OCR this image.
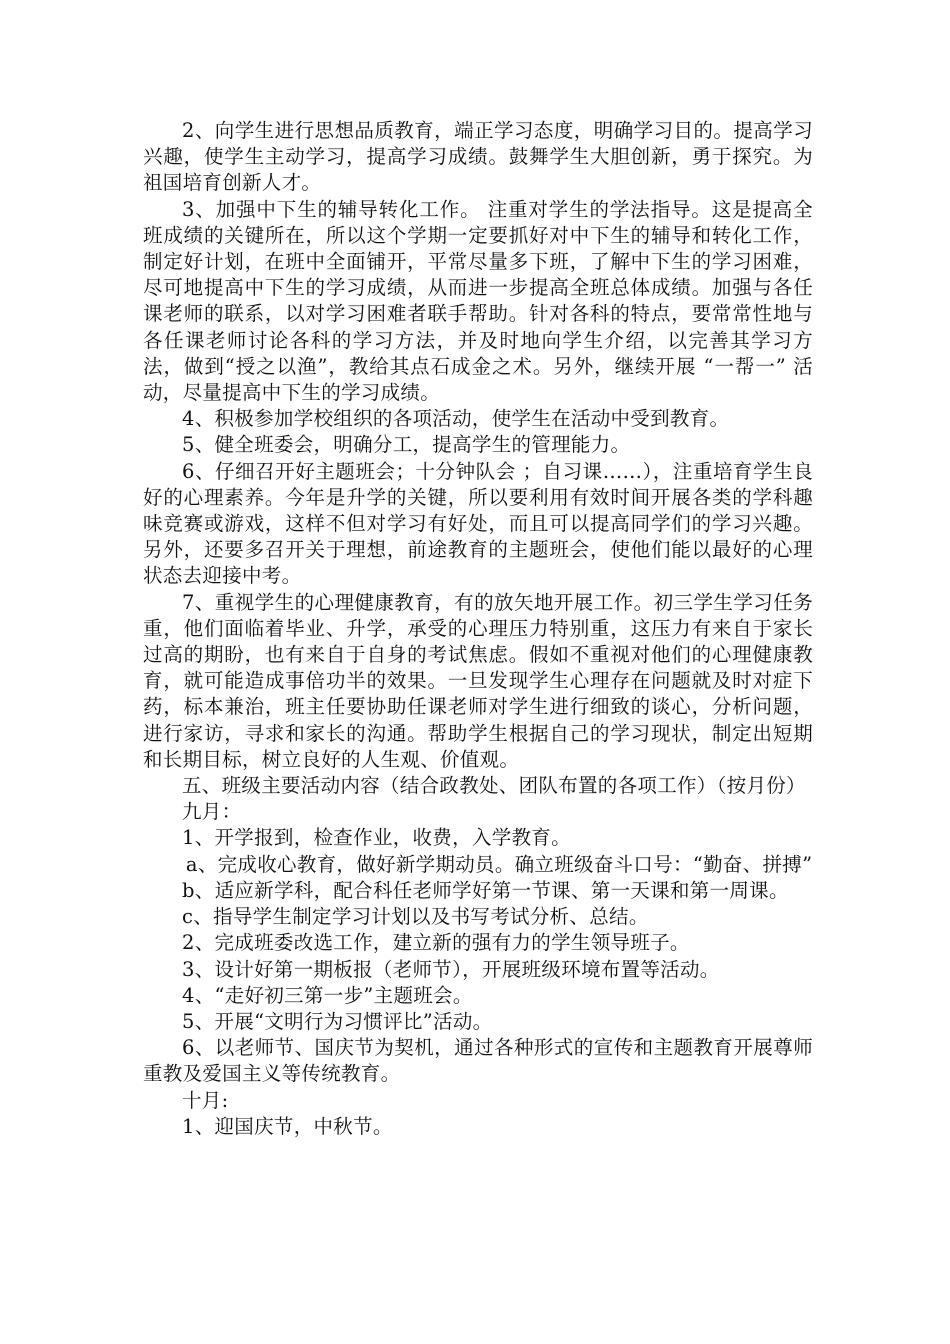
2、向学生进行思想品质教育，端正学习态度，明确学习目的。提高学习兴趣，使学生主动学习，提高学习成绩。鼓舞学生大胆创新，勇于探究。为祖国培育创新人才。

3、加强中下生的辅导转化工作。 注重对学生的学法指导。这是提高全班成绩的关键所在，所以这个学期一定要抓好对中下生的辅导和转化工作，制定好计划，在班中全面铺开，平常尽量多下班，了解中下生的学习困难，尽可地提高中下生的学习成绩，从而进一步提高全班总体成绩。加强与各任课老师的联系，以对学习困难者联手帮助。针对各科的特点，要常常性地与各任课老师讨论各科的学习方法，并及时地向学生介绍，以完善其学习方法，做到“授之以渔”，教给其点石成金之术。另外，继续开展 “一帮一” 活动，尽量提高中下生的学习成绩。

4、积极参加学校组织的各项活动，使学生在活动中受到教育。

5、健全班委会，明确分工，提高学生的管理能力。

6、仔细召开好主题班会；十分钟队会 ；自习课……），注重培育学生良好的心理素养。今年是升学的关键，所以要利用有效时间开展各类的学科趣味竞赛或游戏，这样不但对学习有好处，而且可以提高同学们的学习兴趣。另外，还要多召开关于理想，前途教育的主题班会，使他们能以最好的心理状态去迎接中考。

7、重视学生的心理健康教育，有的放矢地开展工作。初三学生学习任务重，他们面临着毕业、升学，承受的心理压力特别重，这压力有来自于家长过高的期盼，也有来自于自身的考试焦虑。假如不重视对他们的心理健康教育，就可能造成事倍功半的效果。一旦发现学生心理存在问题就及时对症下药，标本兼治，班主任要协助任课老师对学生进行细致的谈心，分析问题，进行家访，寻求和家长的沟通。帮助学生根据自己的学习现状，制定出短期和长期目标，树立良好的人生观、价值观。

五、班级主要活动内容（结合政教处、团队布置的各项工作）（按月份）

九月：

1、开学报到，检查作业，收费，入学教育。

a、完成收心教育，做好新学期动员。确立班级奋斗口号：“勤奋、拼搏”

b、适应新学科，配合科任老师学好第一节课、第一天课和第一周课。

c、指导学生制定学习计划以及书写考试分析、总结。

2、完成班委改选工作，建立新的强有力的学生领导班子。

3、设计好第一期板报（老师节），开展班级环境布置等活动。

4、“走好初三第一步”主题班会。

5、开展“文明行为习惯评比”活动。

6、以老师节、国庆节为契机，通过各种形式的宣传和主题教育开展尊师重教及爱国主义等传统教育。

十月:

1、迎国庆节，中秋节。
